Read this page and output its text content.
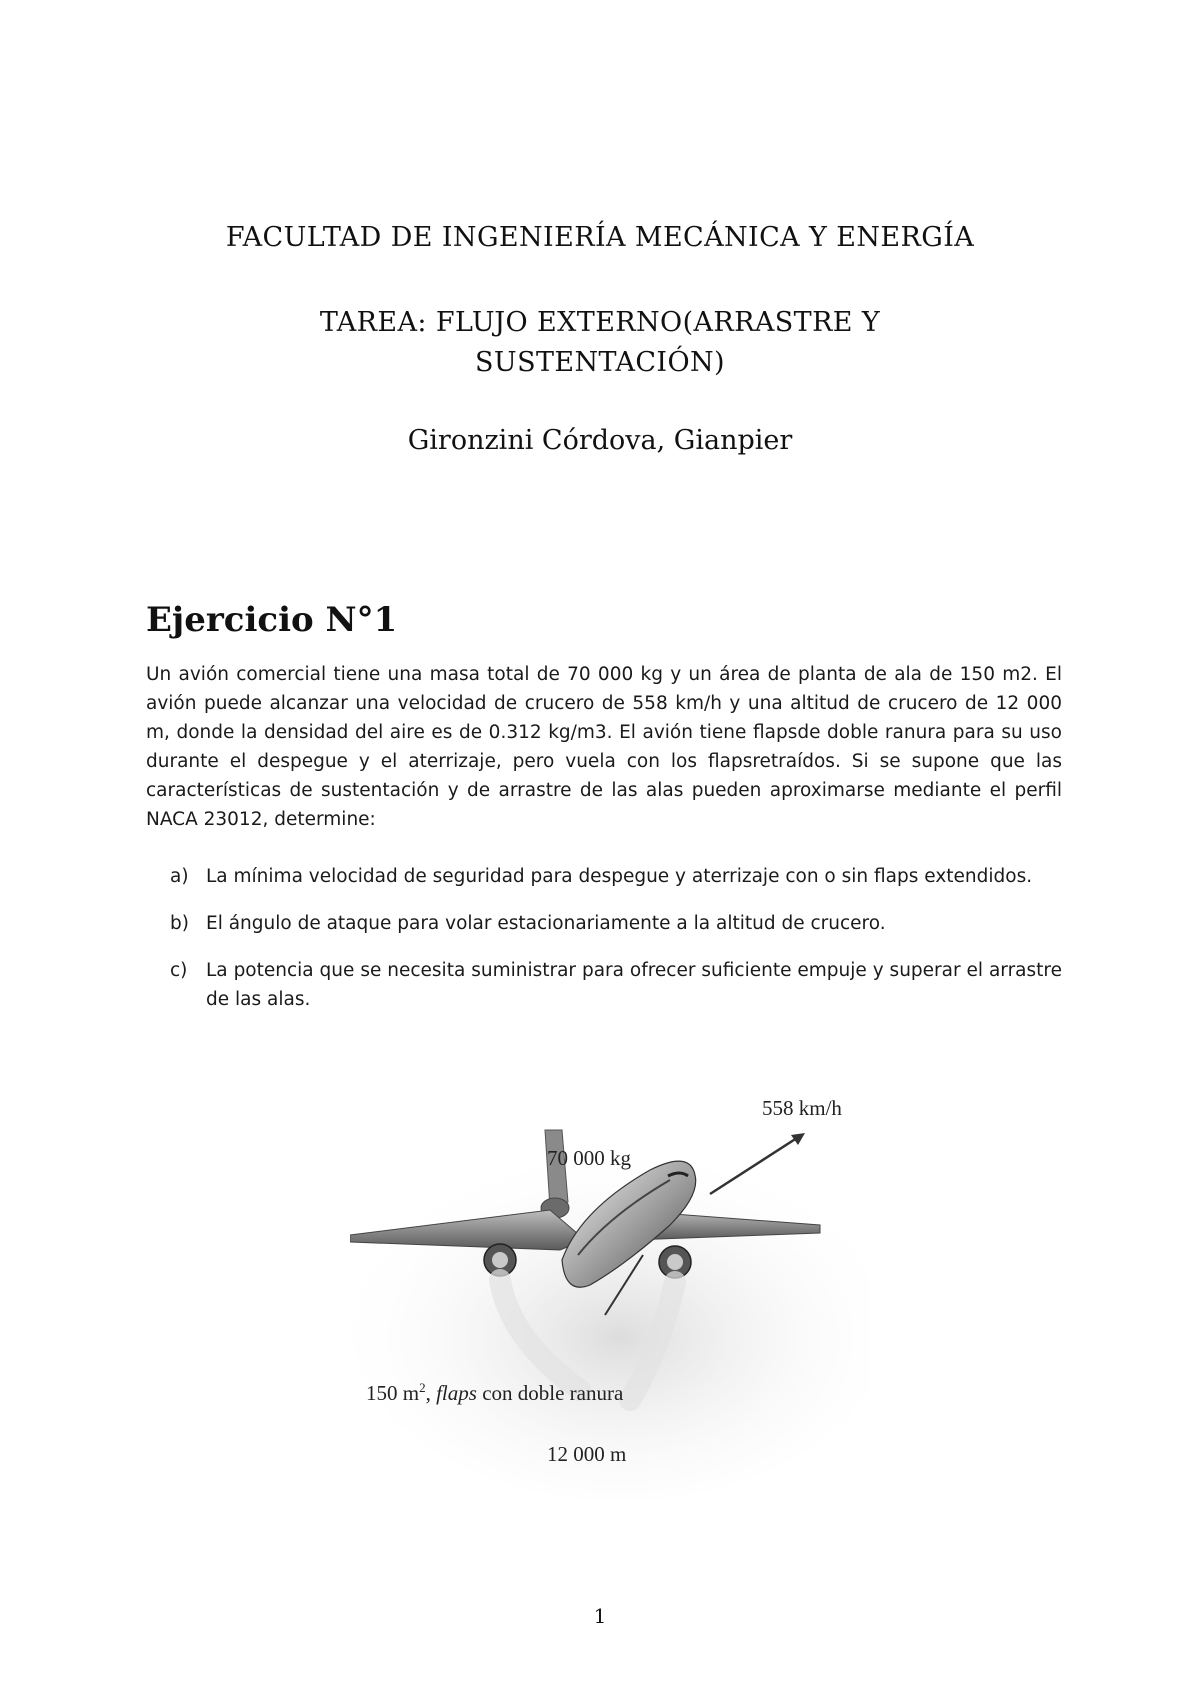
FACULTAD DE INGENIERÍA MECÁNICA Y ENERGÍA
TAREA: FLUJO EXTERNO(ARRASTRE Y
SUSTENTACIÓN)
Gironzini Córdova, Gianpier
Ejercicio N°1

Un avión comercial tiene una masa total de 70 000 kg y un área de planta de ala de 150 m2. El avión puede alcanzar una velocidad de crucero de 558 km/h y una altitud de crucero de 12 000 m, donde la densidad del aire es de 0.312 kg/m3. El avión tiene flapsde doble ranura para su uso durante el despegue y el aterrizaje, pero vuela con los flapsretraídos. Si se supone que las características de sustentación y de arrastre de las alas pueden aproximarse mediante el perfil NACA 23012, determine:

a) La mínima velocidad de seguridad para despegue y aterrizaje con o sin flaps extendidos.
b) El ángulo de ataque para volar estacionariamente a la altitud de crucero.
c) La potencia que se necesita suministrar para ofrecer suficiente empuje y superar el arrastre de las alas.
558 km/h
70 000 kg
150 $m^2$, flaps con doble ranura
12 000 m
1
